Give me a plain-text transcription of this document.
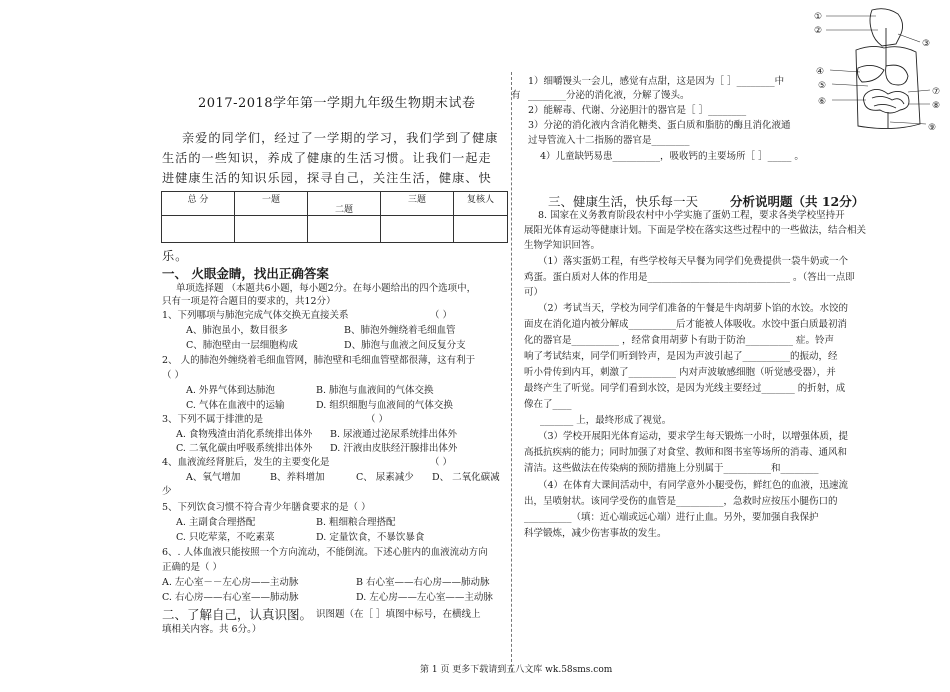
2017-2018学年第一学期九年级生物期末试卷
亲爱的同学们，经过了一学期的学习，我们学到了健康
生活的一些知识，养成了健康的生活习惯。让我们一起走
进健康生活的知识乐园，探寻自己，关注生活，健康、快
总 分	一题	二题	三题	复核人

乐。
一、 火眼金睛，找出正确答案
单项选择题 （本题共6小题，每小题2分。在每小题给出的四个选项中，
只有一项是符合题目的要求的，共12分）
1、下列哪项与肺泡完成气体交换无直接关系	（ ）
A、肺泡虽小，数目很多	B、肺泡外缠绕着毛细血管
C、肺泡壁由一层细胞构成	D、肺泡与血液之间反复分支
2、 人的肺泡外缠绕着毛细血管网，肺泡壁和毛细血管壁都很薄，这有利于
（ ）
A. 外界气体到达肺泡	B. 肺泡与血液间的气体交换
C. 气体在血液中的运输	D. 组织细胞与血液间的气体交换
3、下列不属于排泄的是	（ ）
A. 食物残渣由消化系统排出体外 B. 尿液通过泌尿系统排出体外
C. 二氧化碳由呼吸系统排出体外 D. 汗液由皮肤经汗腺排出体外
4、血液流经肾脏后，发生的主要变化是	（ ）
A、氧气增加	B、养料增加	C、 尿素减少 D、 二氧化碳减
少
5、下列饮食习惯不符合青少年膳食要求的是（ ）
A. 主副食合理搭配	B. 粗细粮合理搭配
C. 只吃荤菜，不吃素菜	D. 定量饮食，不暴饮暴食
6、. 人体血液只能按照一个方向流动，不能倒流。下述心脏内的血液流动方向
正确的是（ ）
A. 左心室－－左心房——主动脉	B 右心室——右心房——肺动脉
C. 右心房——右心室——肺动脉	D. 左心房——左心室——主动脉
二、了解自己，认真识图。 识图题（在［ ］填图中标号，在横线上
填相关内容。共 6分。）
1）细嚼馒头一会儿，感觉有点甜，这是因为［ ］________中
有 ________分泌的消化液，分解了馒头。
2）能解毒、代谢、分泌胆汁的器官是［ ］________
3）分泌的消化液内含消化糖类、蛋白质和脂肪的酶且消化液通
过导管流入十二指肠的器官是________
4）儿童缺钙易患__________，吸收钙的主要场所［ ］_____ 。
①
②
③
④
⑤
⑥
⑦
⑧
⑨
三、健康生活，快乐每一天	分析说明题（共 12分）
8. 国家在义务教育阶段农村中小学实施了蛋奶工程，要求各类学校坚持开
展阳光体育运动等健康计划。下面是学校在落实这些过程中的一些做法，结合相关
生物学知识回答。
（1）落实蛋奶工程，有些学校每天早餐为同学们免费提供一袋牛奶或一个
鸡蛋。蛋白质对人体的作用是______________________________ 。（答出一点即
可）
（2）考试当天，学校为同学们准备的午餐是牛肉胡萝卜馅的水饺。水饺的
面皮在消化道内被分解成__________后才能被人体吸收。水饺中蛋白质最初消
化的器官是__________ ，经常食用胡萝卜有助于防治__________ 症。铃声
响了考试结束，同学们听到铃声，是因为声波引起了__________的振动，经
听小骨传到内耳，刺激了__________ 内对声波敏感细胞（听觉感受器），并
最终产生了听觉。同学们看到水饺，是因为光线主要经过_______ 的折射，成
像在了____
_______ 上，最终形成了视觉。
（3）学校开展阳光体育运动，要求学生每天锻炼一小时，以增强体质，提
高抵抗疾病的能力；同时加强了对食堂、教师和图书室等场所的消毒、通风和
清洁。这些做法在传染病的预防措施上分别属于__________和________
（4）在体育大课间活动中，有同学意外小腿受伤，鲜红色的血液，迅速流
出，呈喷射状。该同学受伤的血管是__________，急救时应按压小腿伤口的
__________（填：近心端或远心端）进行止血。另外，要加强自我保护
科学锻炼，减少伤害事故的发生。
第 1 页 更多下载请到五八文库 wk.58sms.com
